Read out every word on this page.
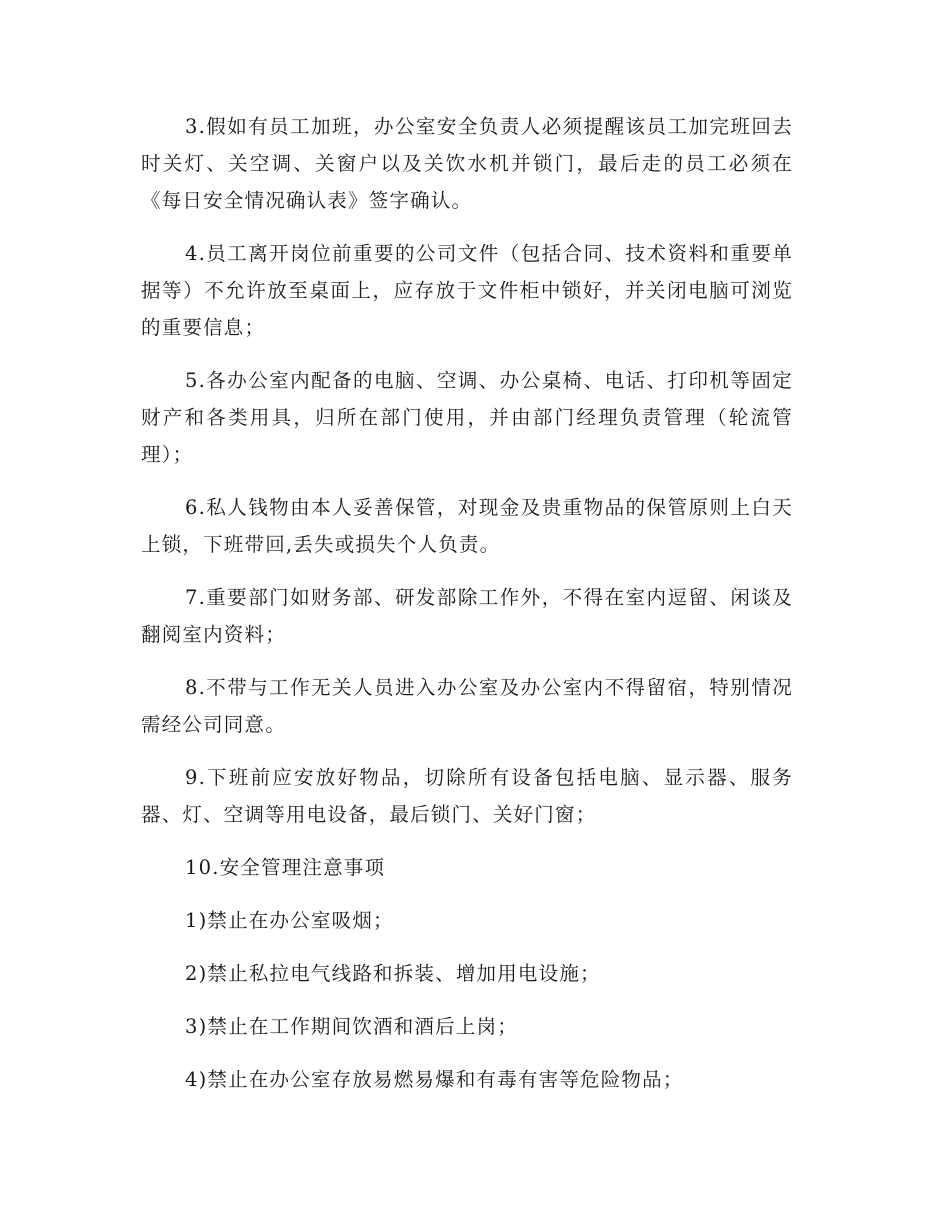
3.假如有员工加班，办公室安全负责人必须提醒该员工加完班回去时关灯、关空调、关窗户以及关饮水机并锁门，最后走的员工必须在《每日安全情况确认表》签字确认。

4.员工离开岗位前重要的公司文件（包括合同、技术资料和重要单据等）不允许放至桌面上，应存放于文件柜中锁好，并关闭电脑可浏览的重要信息；

5.各办公室内配备的电脑、空调、办公桌椅、电话、打印机等固定财产和各类用具，归所在部门使用，并由部门经理负责管理（轮流管理）；

6.私人钱物由本人妥善保管，对现金及贵重物品的保管原则上白天上锁，下班带回,丢失或损失个人负责。

7.重要部门如财务部、研发部除工作外，不得在室内逗留、闲谈及翻阅室内资料；

8.不带与工作无关人员进入办公室及办公室内不得留宿，特别情况需经公司同意。

9.下班前应安放好物品，切除所有设备包括电脑、显示器、服务器、灯、空调等用电设备，最后锁门、关好门窗；

10.安全管理注意事项

1)禁止在办公室吸烟；

2)禁止私拉电气线路和拆装、增加用电设施；

3)禁止在工作期间饮酒和酒后上岗；

4)禁止在办公室存放易燃易爆和有毒有害等危险物品；
